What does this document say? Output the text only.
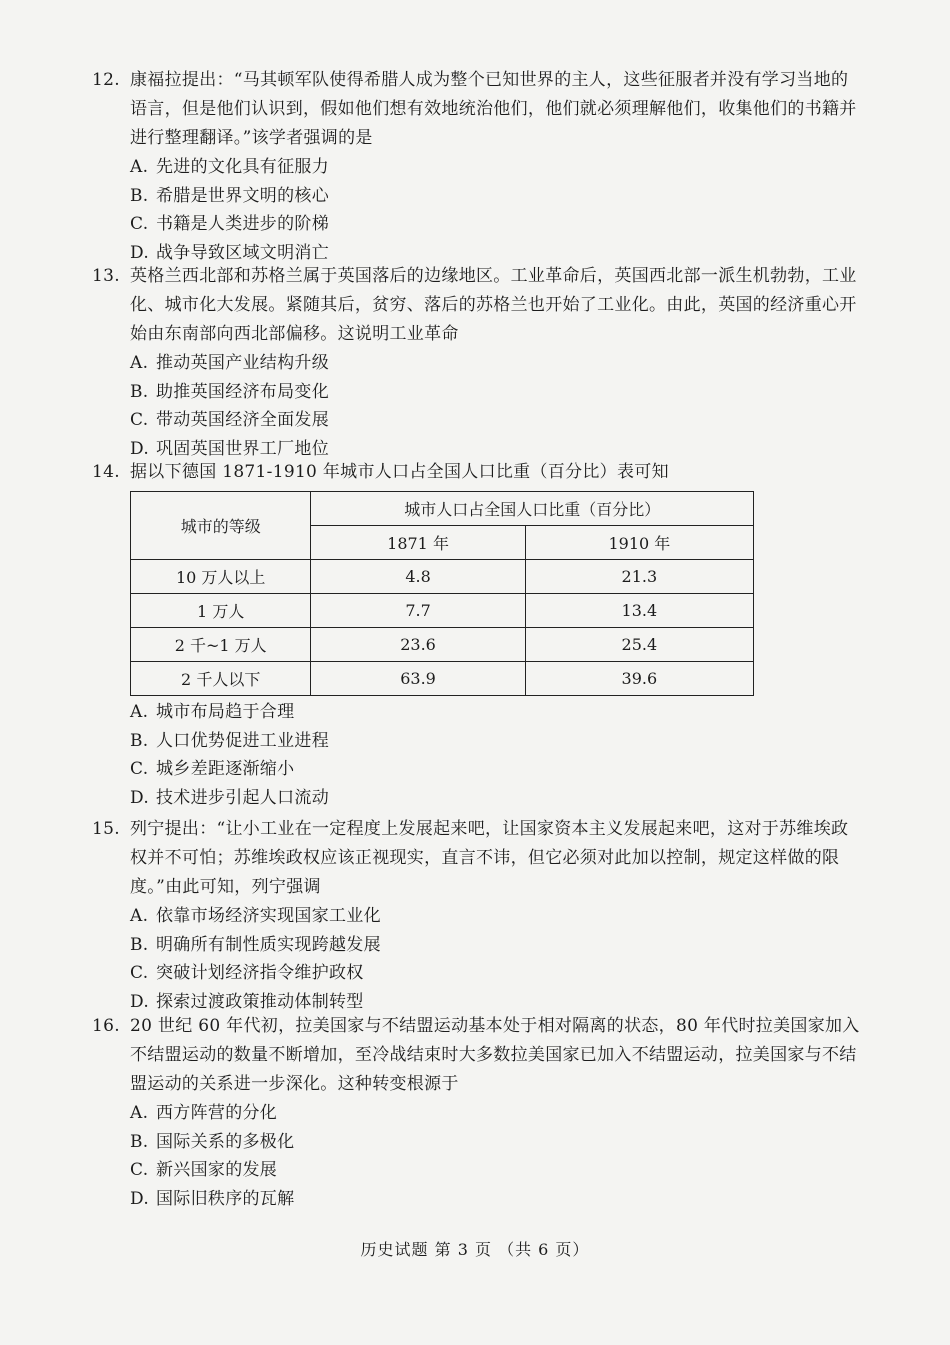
12. 康福拉提出：“马其顿军队使得希腊人成为整个已知世界的主人，这些征服者并没有学习当地的语言，但是他们认识到，假如他们想有效地统治他们，他们就必须理解他们，收集他们的书籍并进行整理翻译。”该学者强调的是
A. 先进的文化具有征服力
B. 希腊是世界文明的核心
C. 书籍是人类进步的阶梯
D. 战争导致区域文明消亡
13. 英格兰西北部和苏格兰属于英国落后的边缘地区。工业革命后，英国西北部一派生机勃勃，工业化、城市化大发展。紧随其后，贫穷、落后的苏格兰也开始了工业化。由此，英国的经济重心开始由东南部向西北部偏移。这说明工业革命
A. 推动英国产业结构升级
B. 助推英国经济布局变化
C. 带动英国经济全面发展
D. 巩固英国世界工厂地位
14. 据以下德国 1871-1910 年城市人口占全国人口比重（百分比）表可知
城市的等级	城市人口占全国人口比重（百分比）	
	1871 年	1910 年
10 万人以上	4.8	21.3
1 万人	7.7	13.4
2 千~1 万人	23.6	25.4
2 千人以下	63.9	39.6
A. 城市布局趋于合理
B. 人口优势促进工业进程
C. 城乡差距逐渐缩小
D. 技术进步引起人口流动
15. 列宁提出：“让小工业在一定程度上发展起来吧，让国家资本主义发展起来吧，这对于苏维埃政权并不可怕；苏维埃政权应该正视现实，直言不讳，但它必须对此加以控制，规定这样做的限度。”由此可知，列宁强调
A. 依靠市场经济实现国家工业化
B. 明确所有制性质实现跨越发展
C. 突破计划经济指令维护政权
D. 探索过渡政策推动体制转型
16. 20 世纪 60 年代初，拉美国家与不结盟运动基本处于相对隔离的状态，80 年代时拉美国家加入不结盟运动的数量不断增加，至冷战结束时大多数拉美国家已加入不结盟运动，拉美国家与不结盟运动的关系进一步深化。这种转变根源于
A. 西方阵营的分化
B. 国际关系的多极化
C. 新兴国家的发展
D. 国际旧秩序的瓦解
历史试题 第 3 页 （共 6 页）
